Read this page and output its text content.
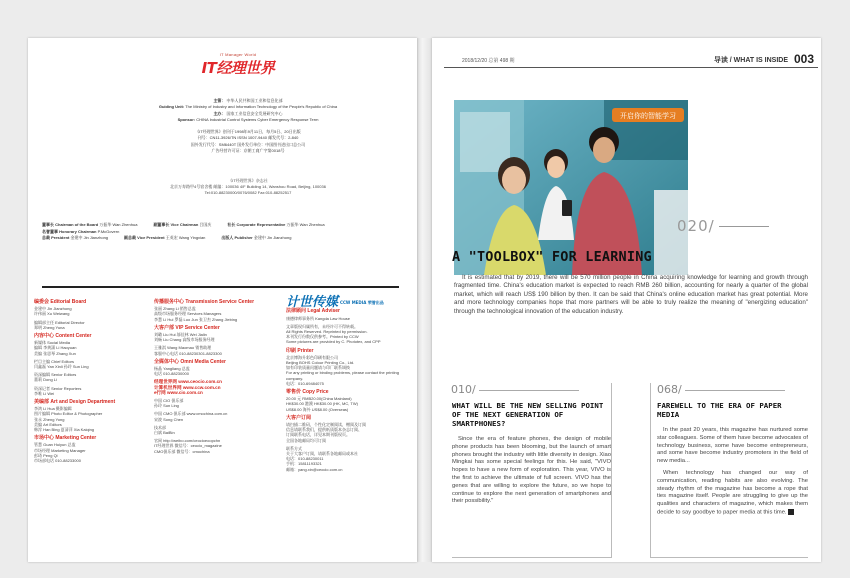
IT Manager World
IT经理世界
主管： 中华人民共和国工业和信息化部
Guiding Unit: The Ministry of Industry and Information Technology of the People's Republic of China
主办： 国家工业信息安全发展研究中心
Sponsor: CHINA Industrial Control Systems Cyber Emergency Response Term
《IT经理世界》创刊于1998年9月11日，每月5日、20日出版
刊号：CN11-3926/TN ISSN 1007-9440 邮发代号：2-840
国外发行代号：SM6440T 国外发行单位：中国图书进出口总公司
广告经营许可证：京朝工商广字第0018号
《IT经理世界》杂志社
北京万寿路甲4号宿舍楼 邮编：100036 4/F Building 14, Wanshou Road, Beijing, 100036
Tel:010-88230000/0076/0082 Fax:010-88252517
董事长 Chairman of the Board 万振华 Wan Zhenhua	副董事长 Vice Chairman 吕国庆	社长 Corporate Representative 万振华 Wan Zhenhua名誉董事 Honorary Chairman P.McGovern
总裁 President 金建中 Jin Jianzhong	副总裁 Vice President 王英宏 Wang Yingxian	出版人 Publisher 金建中 Jin Jianzhong
编委会 Editorial Board
金建中 Jin Jianzhong
许伟丽 Xu Weiwang
编辑部主任 Editorial Director
郑明 Zheng Yuna
内容中心 Content Center
新媒体 Social Media
编辑 李黄潇 Li Haoyuan
美编 张思琴 Zhang Xun
栏目主编 Chief Editors
闫鑫磊 Yan Xinli 孙玲 Sun Ling
资深编辑 Senior Editors
董莉 Dong Li
资深记者 Senior Reporters
李唯 Li Wei
美编部 Art and Design Department
李鸿 Li Hua 摄影编辑
图片编辑 Photo Editor & Photographer
张永 Zheng Yong
美编 Art Editors
韩淳 Han Bing 夏清萍 Xia Kaiqing
市场中心 Marketing Center
管慧 Guan Huiyun 总监
市场经理 Marketing Manager
彭琦 Peng Qi
市场部电话 010-88233000
传播服务中心 Transmission Service Center
张丽 Zhang Li 销售总监
高级市场服务经理 Services Managers
李慧 Li Hui 罗磊 Luo Jun 张卫杰 Zhang Jiebing
大客户部 VIP Service Center
刘璐 Liu Hui 邬佳林 Wei Jialin
刘畅 Liu Chang 高级市场服务经理
王雅淇 Wang Maomao 销售助理
客服中心电话 010-88230301-8823300
全媒体中心 Omni Media Center
杨晶 Yangliang 总监
电话 010-88230000
经理世界网 www.ceocio.com.cn
计算机世界网 www.ccw.com.cn
e行网 www.cio.com.cn
中国 CIO 俱乐部
孙玲 Sun Ling
中国 CMO 俱乐部 www.cmochina.com.cn
宋波 Song Chen
技术部
白斌 BaiBin
官网 http://weibo.com/ceocioeoopchn
IT经理世界 微信号：ceocio_magazine
CMO俱乐部 微信号：cmochina
计世传媒 CCW MEDIA 荣誉出品
法律顾问 Legal Adviser
康德律师事务所 Kangda Law House
文章版权归属所有，未经许可不得转载。
All Rights Reserved. Reprinted by permission.
本刊发行份数仅供参考。Printed by CCW
Some pictures are provided by C. Phototex, and CPP
印刷 Printer
北京博海升彩色印刷有限公司
Beijing BOHS Colour Printing Co., Ltd.
如有印装质量问题请与印厂联系调换
For any printing or binding problems, please contact the printing company.
电话：010-69484075
零售价 Copy Price
20.00 元 RMB20.00(China Mainland)
HK$30.00 港澳 HK$30.00 (HK, MC, TW)
US$8.00 海外 US$8.00 (Overseas)
大客户订阅
请扫描二维码，个性化定制阅读，赠阅及订阅
信息请联系我们，提供纸质版本杂志订阅、
订阅联系电话，详见本期刊版权页。
全国各地邮局均可订阅
联系方式
关于大客户订阅，请联系各地邮局或本社
电话：010-88230011
手机：15811193321
邮箱：yang.xin@ceocio.com.cn
2018/12/20 总第 498 期	导读 / WHAT IS INSIDE 003
开启你的智能学习
020/
A "TOOLBOX" FOR LEARNING
It is estimated that by 2019, there will be 570 million people in China acquiring knowledge for learning and growth through fragmented time. China's education market is expected to reach RMB 260 billion, accounting for nearly a quarter of the global market, which will reach US$ 190 billion by then. It can be said that China's online education market has great potential. More and more technology companies hope that more partners will be able to truly realize the meaning of "energizing education" through the technological innovation of the education industry.
010/
WHAT WILL BE THE NEW SELLING POINT OF THE NEXT GENERATION OF SMARTPHONES?
Since the era of feature phones, the design of mobile phone products has been blooming, but the launch of smart phones brought the industry with little diversity in design. Xiao Mingkai has some special feelings for this. He said, "VIVO hopes to have a new form of exploration. This year, VIVO is the first to achieve the ultimate of full screen. VIVO has the genes that are willing to explore the future, so we hope to continue to explore the next generation of smartphones and their possibility."
068/
FAREWELL TO THE ERA OF PAPER MEDIA
In the past 20 years, this magazine has nurtured some star colleagues. Some of them have become advocates of technology business, some have become entrepreneurs, and some have become industry promoters in the field of new media...
When technology has changed our way of communication, reading habits are also evolving. The steady rhythm of the magazine has become a rope that ties magazine itself. People are struggling to give up the qualities and characters of magazine, which makes them decide to say goodbye to paper media at this time.
